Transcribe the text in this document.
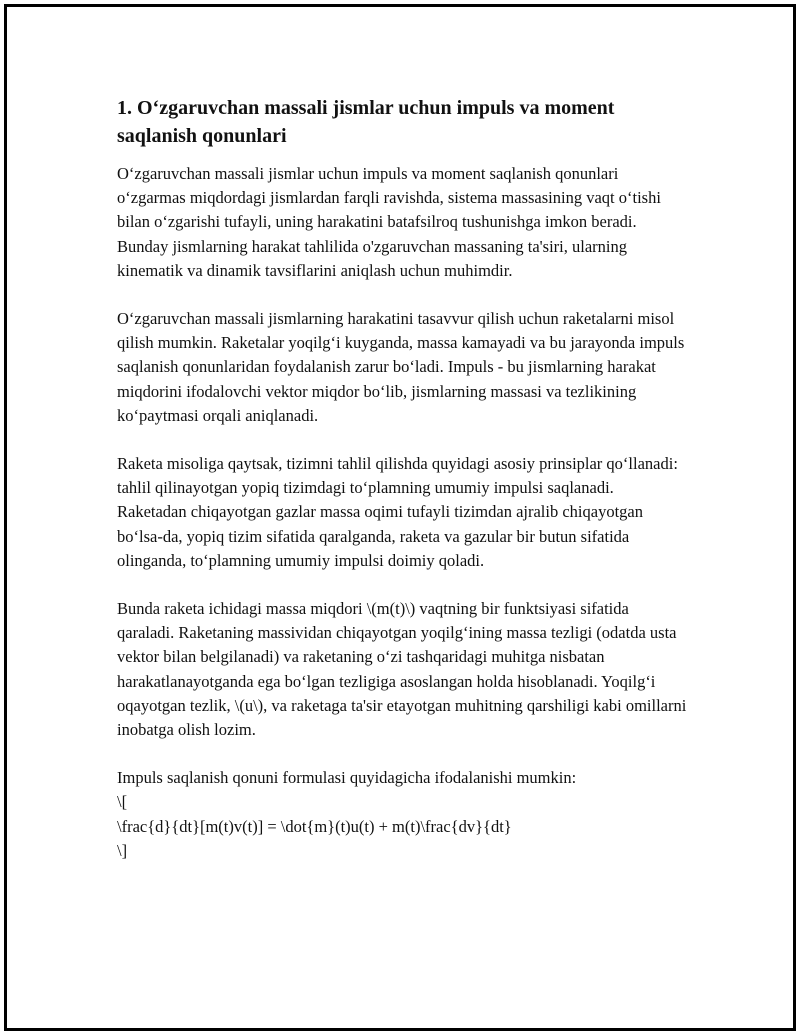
1. O‘zgaruvchan massali jismlar uchun impuls va moment saqlanish qonunlari

O‘zgaruvchan massali jismlar uchun impuls va moment saqlanish qonunlari o‘zgarmas miqdordagi jismlardan farqli ravishda, sistema massasining vaqt o‘tishi bilan o‘zgarishi tufayli, uning harakatini batafsilroq tushunishga imkon beradi. Bunday jismlarning harakat tahlilida o'zgaruvchan massaning ta'siri, ularning kinematik va dinamik tavsiflarini aniqlash uchun muhimdir.

O‘zgaruvchan massali jismlarning harakatini tasavvur qilish uchun raketalarni misol qilish mumkin. Raketalar yoqilg‘i kuyganda, massa kamayadi va bu jarayonda impuls saqlanish qonunlaridan foydalanish zarur bo‘ladi. Impuls - bu jismlarning harakat miqdorini ifodalovchi vektor miqdor bo‘lib, jismlarning massasi va tezlikining ko‘paytmasi orqali aniqlanadi.

Raketa misoliga qaytsak, tizimni tahlil qilishda quyidagi asosiy prinsiplar qo‘llanadi: tahlil qilinayotgan yopiq tizimdagi to‘plamning umumiy impulsi saqlanadi. Raketadan chiqayotgan gazlar massa oqimi tufayli tizimdan ajralib chiqayotgan bo‘lsa-da, yopiq tizim sifatida qaralganda, raketa va gazular bir butun sifatida olinganda, to‘plamning umumiy impulsi doimiy qoladi.

Bunda raketa ichidagi massa miqdori \(m(t)\) vaqtning bir funktsiyasi sifatida qaraladi. Raketaning massividan chiqayotgan yoqilg‘ining massa tezligi (odatda usta vektor bilan belgilanadi) va raketaning o‘zi tashqaridagi muhitga nisbatan harakatlanayotganda ega bo‘lgan tezligiga asoslangan holda hisoblanadi. Yoqilg‘i oqayotgan tezlik, \(u\), va raketaga ta'sir etayotgan muhitning qarshiligi kabi omillarni inobatga olish lozim.

Impuls saqlanish qonuni formulasi quyidagicha ifodalanishi mumkin:
\[
\frac{d}{dt}[m(t)v(t)] = \dot{m}(t)u(t) + m(t)\frac{dv}{dt}
\]
